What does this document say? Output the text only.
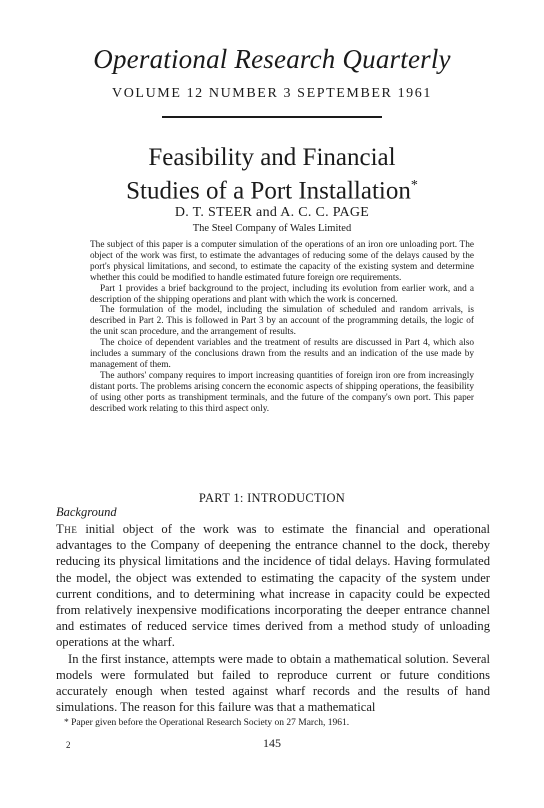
Operational Research Quarterly
VOLUME 12 NUMBER 3 SEPTEMBER 1961
Feasibility and Financial
Studies of a Port Installation*
D. T. STEER and A. C. C. PAGE
The Steel Company of Wales Limited

The subject of this paper is a computer simulation of the operations of an iron ore unloading port. The object of the work was first, to estimate the advantages of reducing some of the delays caused by the port's physical limitations, and second, to estimate the capacity of the existing system and determine whether this could be modified to handle estimated future foreign ore requirements.

Part 1 provides a brief background to the project, including its evolution from earlier work, and a description of the shipping operations and plant with which the work is concerned.

The formulation of the model, including the simulation of scheduled and random arrivals, is described in Part 2. This is followed in Part 3 by an account of the programming details, the logic of the unit scan procedure, and the arrangement of results.

The choice of dependent variables and the treatment of results are discussed in Part 4, which also includes a summary of the conclusions drawn from the results and an indication of the use made by management of them.

The authors' company requires to import increasing quantities of foreign iron ore from increasingly distant ports. The problems arising concern the economic aspects of shipping operations, the feasibility of using other ports as transhipment terminals, and the future of the company's own port. This paper described work relating to this third aspect only.

PART 1: INTRODUCTION
Background

The initial object of the work was to estimate the financial and operational advantages to the Company of deepening the entrance channel to the dock, thereby reducing its physical limitations and the incidence of tidal delays. Having formulated the model, the object was extended to estimating the capacity of the system under current conditions, and to determining what increase in capacity could be expected from relatively inexpensive modifications incorporating the deeper entrance channel and estimates of reduced service times derived from a method study of unloading operations at the wharf.

In the first instance, attempts were made to obtain a mathematical solution. Several models were formulated but failed to reproduce current or future conditions accurately enough when tested against wharf records and the results of hand simulations. The reason for this failure was that a mathematical

* Paper given before the Operational Research Society on 27 March, 1961.
2	145
